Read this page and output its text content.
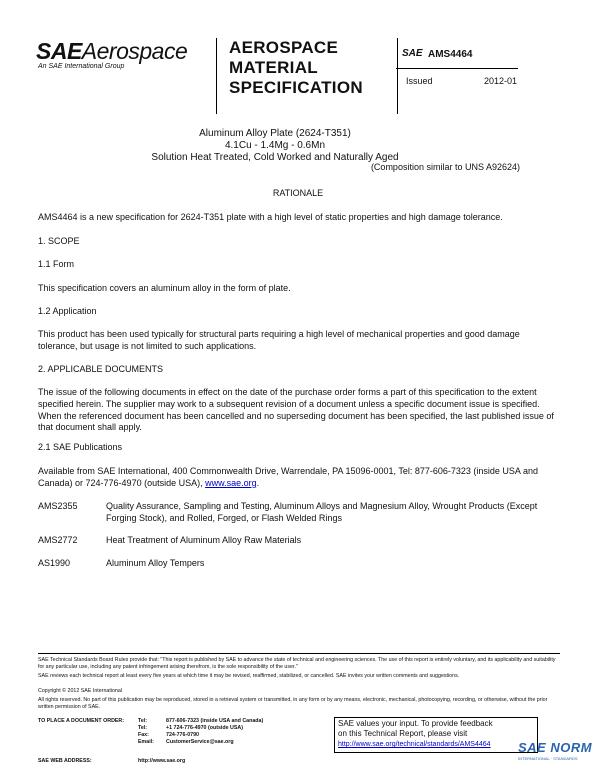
SAEAerospace
An SAE International Group
AEROSPACE
MATERIAL
SPECIFICATION
SAE AMS4464
Issued	2012-01
Aluminum Alloy Plate (2624-T351)
4.1Cu - 1.4Mg - 0.6Mn
Solution Heat Treated, Cold Worked and Naturally Aged
(Composition similar to UNS A92624)
RATIONALE
AMS4464 is a new specification for 2624-T351 plate with a high level of static properties and high damage tolerance.
1. SCOPE
1.1 Form
This specification covers an aluminum alloy in the form of plate.
1.2 Application
This product has been used typically for structural parts requiring a high level of mechanical properties and good damage tolerance, but usage is not limited to such applications.
2. APPLICABLE DOCUMENTS
The issue of the following documents in effect on the date of the purchase order forms a part of this specification to the extent specified herein. The supplier may work to a subsequent revision of a document unless a specific document issue is specified. When the referenced document has been cancelled and no superseding document has been specified, the last published issue of that document shall apply.
2.1 SAE Publications
Available from SAE International, 400 Commonwealth Drive, Warrendale, PA 15096-0001, Tel: 877-606-7323 (inside USA and Canada) or 724-776-4970 (outside USA), www.sae.org.
AMS2355	Quality Assurance, Sampling and Testing, Aluminum Alloys and Magnesium Alloy, Wrought Products (Except Forging Stock), and Rolled, Forged, or Flash Welded Rings
AMS2772	Heat Treatment of Aluminum Alloy Raw Materials
AS1990	Aluminum Alloy Tempers
SAE Technical Standards Board Rules provide that: "This report is published by SAE to advance the state of technical and engineering sciences. The use of this report is entirely voluntary, and its applicability and suitability for any particular use, including any patent infringement arising therefrom, is the sole responsibility of the user."
SAE reviews each technical report at least every five years at which time it may be revised, reaffirmed, stabilized, or cancelled. SAE invites your written comments and suggestions.
Copyright © 2012 SAE International
All rights reserved. No part of this publication may be reproduced, stored in a retrieval system or transmitted, in any form or by any means, electronic, mechanical, photocopying, recording, or otherwise, without the prior written permission of SAE.
TO PLACE A DOCUMENT ORDER:	Tel:	877-606-7323 (inside USA and Canada)
Tel:	+1 724-776-4970 (outside USA)
Fax:	724-776-0790
Email: CustomerService@sae.org
SAE WEB ADDRESS:	http://www.sae.org
SAE values your input. To provide feedback
on this Technical Report, please visit
http://www.sae.org/technical/standards/AMS4464	SAE NORM
INTERNATIONAL · STANDARDS
